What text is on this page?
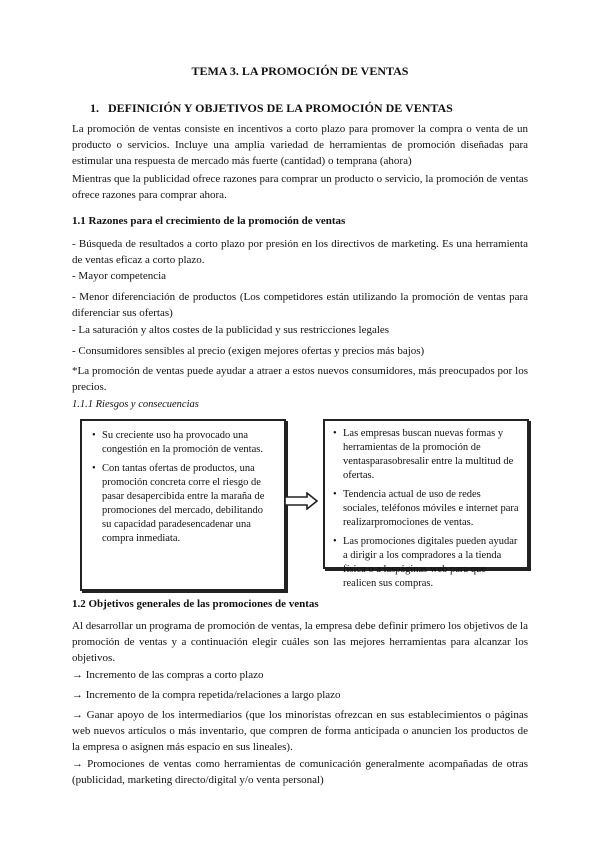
TEMA 3. LA PROMOCIÓN DE VENTAS
1. DEFINICIÓN Y OBJETIVOS DE LA PROMOCIÓN DE VENTAS

La promoción de ventas consiste en incentivos a corto plazo para promover la compra o venta de un producto o servicios. Incluye una amplia variedad de herramientas de promoción diseñadas para estimular una respuesta de mercado más fuerte (cantidad) o temprana (ahora)

Mientras que la publicidad ofrece razones para comprar un producto o servicio, la promoción de ventas ofrece razones para comprar ahora.

1.1 Razones para el crecimiento de la promoción de ventas

- Búsqueda de resultados a corto plazo por presión en los directivos de marketing. Es una herramienta de ventas eficaz a corto plazo.

- Mayor competencia

- Menor diferenciación de productos (Los competidores están utilizando la promoción de ventas para diferenciar sus ofertas)

- La saturación y altos costes de la publicidad y sus restricciones legales

- Consumidores sensibles al precio (exigen mejores ofertas y precios más bajos)

*La promoción de ventas puede ayudar a atraer a estos nuevos consumidores, más preocupados por los precios.

1.1.1 Riesgos y consecuencias
• Su creciente uso ha provocado una congestión en la promoción de ventas.
• Con tantas ofertas de productos, una promoción concreta corre el riesgo de pasar desapercibida entre la maraña de promociones del mercado, debilitando su capacidad paradesencadenar una compra inmediata.
• Las empresas buscan nuevas formas y herramientas de la promoción de ventasparasobresalir entre la multitud de ofertas.
• Tendencia actual de uso de redes sociales, teléfonos móviles e internet para realizarpromociones de ventas.
• Las promociones digitales pueden ayudar a dirigir a los compradores a la tienda física o a laspáginas web para que realicen sus compras.
1.2 Objetivos generales de las promociones de ventas

Al desarrollar un programa de promoción de ventas, la empresa debe definir primero los objetivos de la promoción de ventas y a continuación elegir cuáles son las mejores herramientas para alcanzar los objetivos.

→ Incremento de las compras a corto plazo

→ Incremento de la compra repetida/relaciones a largo plazo

→ Ganar apoyo de los intermediarios (que los minoristas ofrezcan en sus establecimientos o páginas web nuevos artículos o más inventario, que compren de forma anticipada o anuncien los productos de la empresa o asignen más espacio en sus lineales).

→ Promociones de ventas como herramientas de comunicación generalmente acompañadas de otras (publicidad, marketing directo/digital y/o venta personal)
